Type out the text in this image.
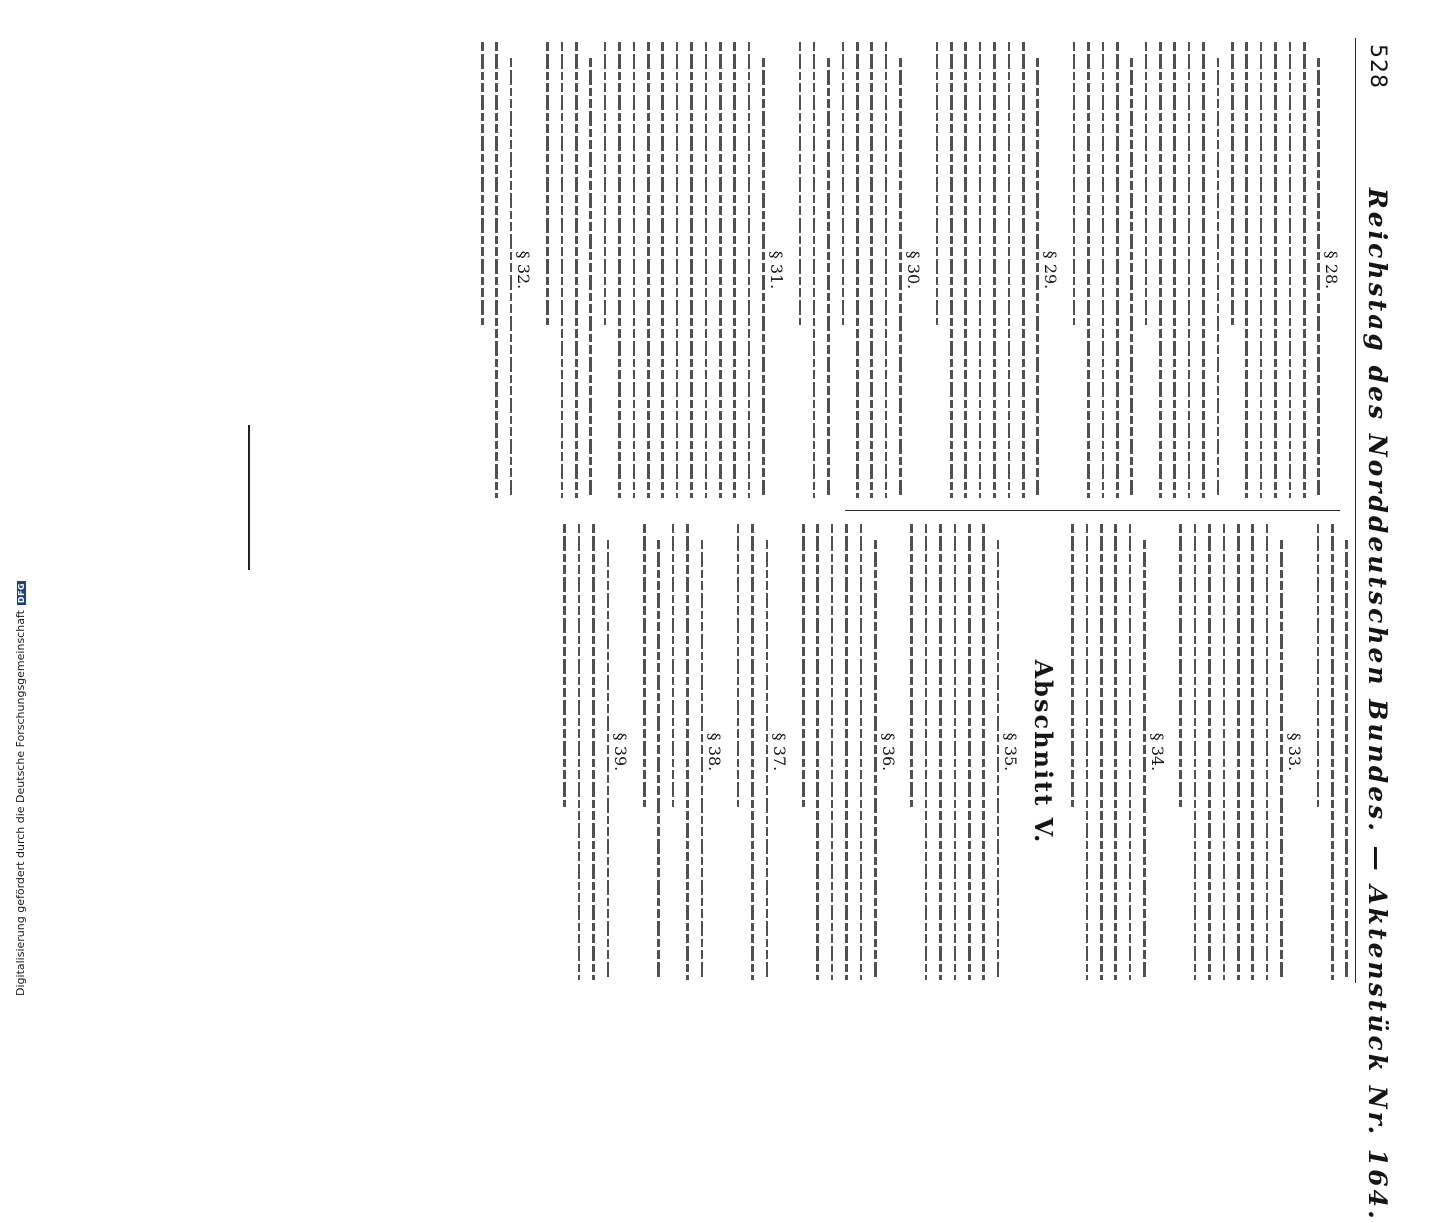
528
Reichstag des Norddeutschen Bundes. — Aktenstück Nr. 164.
§ 28.
§ 29.
§ 30.
§ 31.
§ 32.
§ 33.
§ 34.
Abschnitt V.
§ 35.
§ 36.
§ 37.
§ 38.
§ 39.
Digitalisierung gefördert durch die Deutsche ForschungsgemeinschaftDFG
